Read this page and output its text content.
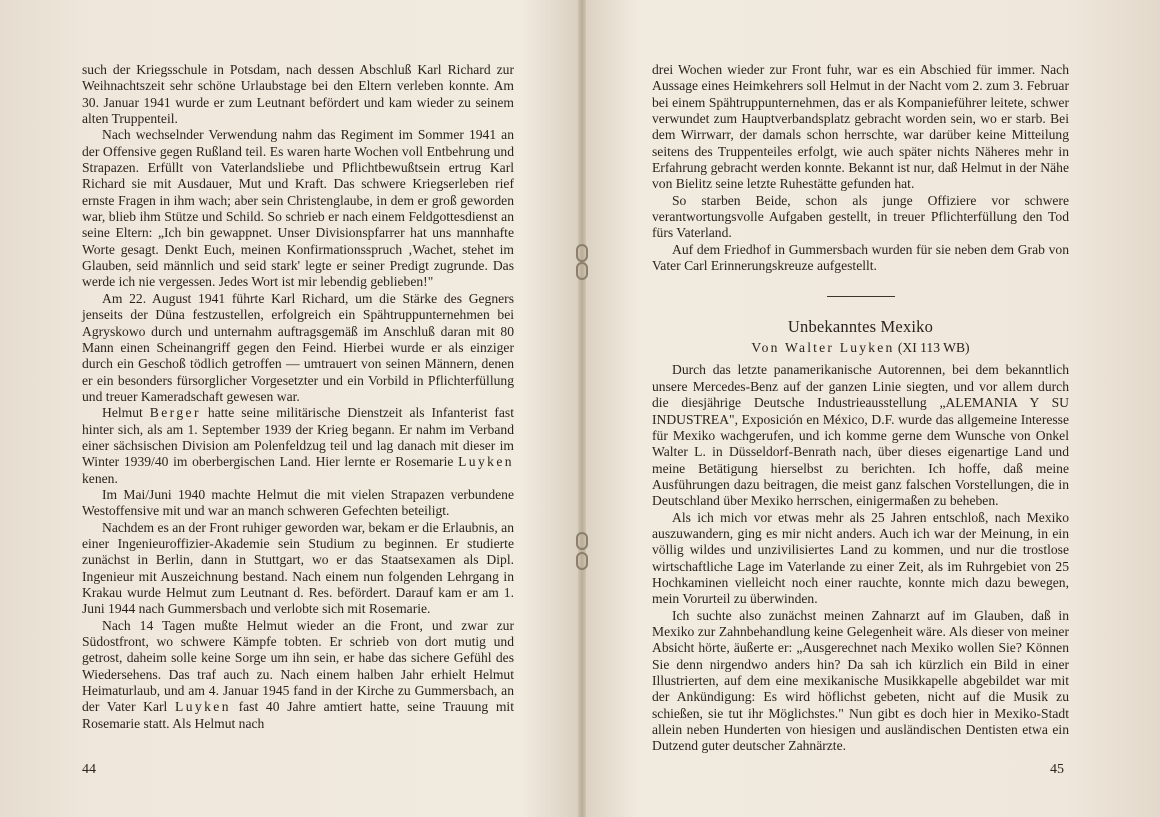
such der Kriegsschule in Potsdam, nach dessen Abschluß Karl Richard zur Weihnachtszeit sehr schöne Urlaubstage bei den Eltern verleben konnte. Am 30. Januar 1941 wurde er zum Leutnant befördert und kam wieder zu seinem alten Truppenteil.

Nach wechselnder Verwendung nahm das Regiment im Sommer 1941 an der Offensive gegen Rußland teil. Es waren harte Wochen voll Entbehrung und Strapazen. Erfüllt von Vaterlandsliebe und Pflichtbewußtsein ertrug Karl Richard sie mit Ausdauer, Mut und Kraft. Das schwere Kriegserleben rief ernste Fragen in ihm wach; aber sein Christenglaube, in dem er groß geworden war, blieb ihm Stütze und Schild. So schrieb er nach einem Feldgottesdienst an seine Eltern: „Ich bin gewappnet. Unser Divisionspfarrer hat uns mannhafte Worte gesagt. Denkt Euch, meinen Konfirmationsspruch ‚Wachet, stehet im Glauben, seid männlich und seid stark' legte er seiner Predigt zugrunde. Das werde ich nie vergessen. Jedes Wort ist mir lebendig geblieben!"

Am 22. August 1941 führte Karl Richard, um die Stärke des Gegners jenseits der Düna festzustellen, erfolgreich ein Spähtruppunternehmen bei Agryskowo durch und unternahm auftragsgemäß im Anschluß daran mit 80 Mann einen Scheinangriff gegen den Feind. Hierbei wurde er als einziger durch ein Geschoß tödlich getroffen — umtrauert von seinen Männern, denen er ein besonders fürsorglicher Vorgesetzter und ein Vorbild in Pflichterfüllung und treuer Kameradschaft gewesen war.

Helmut Berger hatte seine militärische Dienstzeit als Infanterist fast hinter sich, als am 1. September 1939 der Krieg begann. Er nahm im Verband einer sächsischen Division am Polenfeldzug teil und lag danach mit dieser im Winter 1939/40 im oberbergischen Land. Hier lernte er Rosemarie Luyken kenen.

Im Mai/Juni 1940 machte Helmut die mit vielen Strapazen verbundene Westoffensive mit und war an manch schweren Gefechten beteiligt.

Nachdem es an der Front ruhiger geworden war, bekam er die Erlaubnis, an einer Ingenieuroffizier-Akademie sein Studium zu beginnen. Er studierte zunächst in Berlin, dann in Stuttgart, wo er das Staatsexamen als Dipl. Ingenieur mit Auszeichnung bestand. Nach einem nun folgenden Lehrgang in Krakau wurde Helmut zum Leutnant d. Res. befördert. Darauf kam er am 1. Juni 1944 nach Gummersbach und verlobte sich mit Rosemarie.

Nach 14 Tagen mußte Helmut wieder an die Front, und zwar zur Südostfront, wo schwere Kämpfe tobten. Er schrieb von dort mutig und getrost, daheim solle keine Sorge um ihn sein, er habe das sichere Gefühl des Wiedersehens. Das traf auch zu. Nach einem halben Jahr erhielt Helmut Heimaturlaub, und am 4. Januar 1945 fand in der Kirche zu Gummersbach, an der Vater Karl Luyken fast 40 Jahre amtiert hatte, seine Trauung mit Rosemarie statt. Als Helmut nach

44

drei Wochen wieder zur Front fuhr, war es ein Abschied für immer. Nach Aussage eines Heimkehrers soll Helmut in der Nacht vom 2. zum 3. Februar bei einem Spähtruppunternehmen, das er als Kompanieführer leitete, schwer verwundet zum Hauptverbandsplatz gebracht worden sein, wo er starb. Bei dem Wirrwarr, der damals schon herrschte, war darüber keine Mitteilung seitens des Truppenteiles erfolgt, wie auch später nichts Näheres mehr in Erfahrung gebracht werden konnte. Bekannt ist nur, daß Helmut in der Nähe von Bielitz seine letzte Ruhestätte gefunden hat.

So starben Beide, schon als junge Offiziere vor schwere verantwortungsvolle Aufgaben gestellt, in treuer Pflichterfüllung den Tod fürs Vaterland.

Auf dem Friedhof in Gummersbach wurden für sie neben dem Grab von Vater Carl Erinnerungskreuze aufgestellt.

Unbekanntes Mexiko
Von Walter Luyken (XI 113 WB)

Durch das letzte panamerikanische Autorennen, bei dem bekanntlich unsere Mercedes-Benz auf der ganzen Linie siegten, und vor allem durch die diesjährige Deutsche Industrieausstellung „ALEMANIA Y SU INDUSTREA", Exposición en México, D.F. wurde das allgemeine Interesse für Mexiko wachgerufen, und ich komme gerne dem Wunsche von Onkel Walter L. in Düsseldorf-Benrath nach, über dieses eigenartige Land und meine Betätigung hierselbst zu berichten. Ich hoffe, daß meine Ausführungen dazu beitragen, die meist ganz falschen Vorstellungen, die in Deutschland über Mexiko herrschen, einigermaßen zu beheben.

Als ich mich vor etwas mehr als 25 Jahren entschloß, nach Mexiko auszuwandern, ging es mir nicht anders. Auch ich war der Meinung, in ein völlig wildes und unzivilisiertes Land zu kommen, und nur die trostlose wirtschaftliche Lage im Vaterlande zu einer Zeit, als im Ruhrgebiet von 25 Hochkaminen vielleicht noch einer rauchte, konnte mich dazu bewegen, mein Vorurteil zu überwinden.

Ich suchte also zunächst meinen Zahnarzt auf im Glauben, daß in Mexiko zur Zahnbehandlung keine Gelegenheit wäre. Als dieser von meiner Absicht hörte, äußerte er: „Ausgerechnet nach Mexiko wollen Sie? Können Sie denn nirgendwo anders hin? Da sah ich kürzlich ein Bild in einer Illustrierten, auf dem eine mexikanische Musikkapelle abgebildet war mit der Ankündigung: Es wird höflichst gebeten, nicht auf die Musik zu schießen, sie tut ihr Möglichstes." Nun gibt es doch hier in Mexiko-Stadt allein neben Hunderten von hiesigen und ausländischen Dentisten etwa ein Dutzend guter deutscher Zahnärzte.

45
